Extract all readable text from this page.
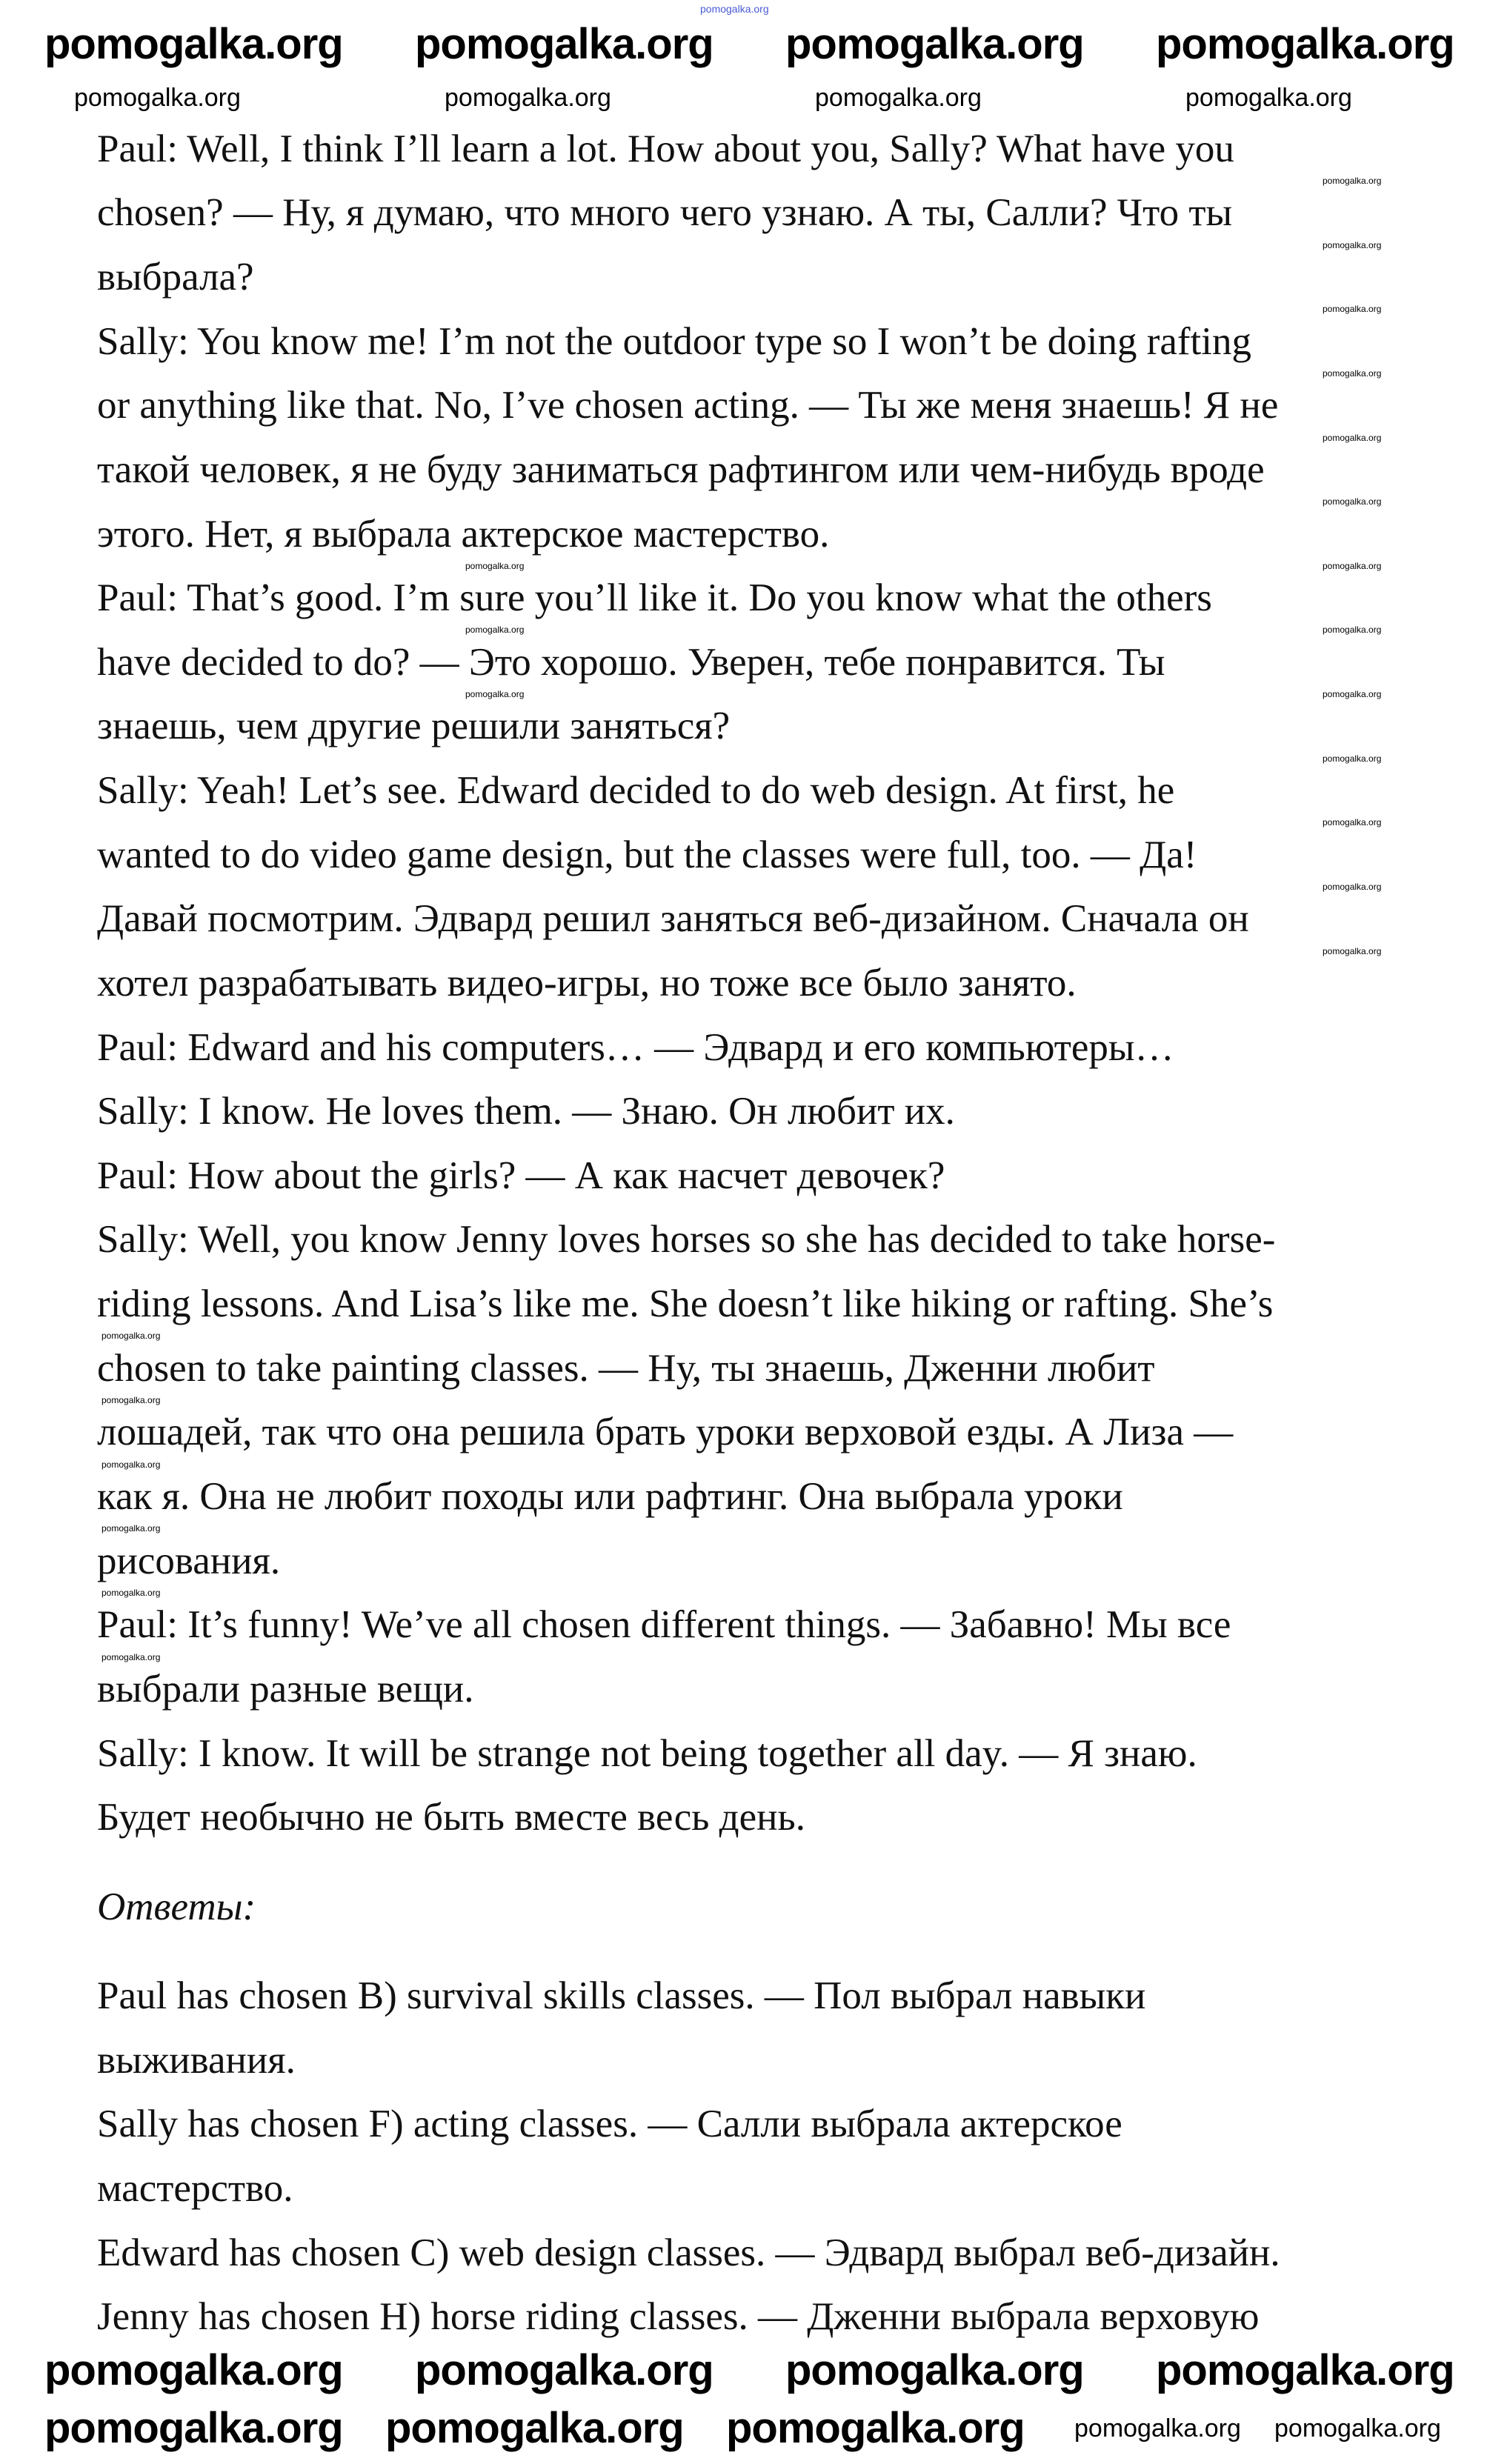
Paul: Well, I think I’ll learn a lot. How about you, Sally? What have you
chosen? — Ну, я думаю, что много чего узнаю. А ты, Салли? Что ты
выбрала?
Sally: You know me! I’m not the outdoor type so I won’t be doing rafting
or anything like that. No, I’ve chosen acting. — Ты же меня знаешь! Я не
такой человек, я не буду заниматься рафтингом или чем-нибудь вроде
этого. Нет, я выбрала актерское мастерство.
Paul: That’s good. I’m sure you’ll like it. Do you know what the others
have decided to do? — Это хорошо. Уверен, тебе понравится. Ты
знаешь, чем другие решили заняться?
Sally: Yeah! Let’s see. Edward decided to do web design. At first, he
wanted to do video game design, but the classes were full, too. — Да!
Давай посмотрим. Эдвард решил заняться веб-дизайном. Сначала он
хотел разрабатывать видео-игры, но тоже все было занято.
Paul: Edward and his computers… — Эдвард и его компьютеры…
Sally: I know. He loves them. — Знаю. Он любит их.
Paul: How about the girls? — А как насчет девочек?
Sally: Well, you know Jenny loves horses so she has decided to take horse-
riding lessons. And Lisa’s like me. She doesn’t like hiking or rafting. She’s
chosen to take painting classes. — Ну, ты знаешь, Дженни любит
лошадей, так что она решила брать уроки верховой езды. А Лиза —
как я. Она не любит походы или рафтинг. Она выбрала уроки
рисования.
Paul: It’s funny! We’ve all chosen different things. — Забавно! Мы все
выбрали разные вещи.
Sally: I know. It will be strange not being together all day. — Я знаю.
Будет необычно не быть вместе весь день.
Ответы:
Paul has chosen B) survival skills classes. — Пол выбрал навыки
выживания.
Sally has chosen F) acting classes. — Салли выбрала актерское
мастерство.
Edward has chosen C) web design classes. — Эдвард выбрал веб-дизайн.
Jenny has chosen H) horse riding classes. — Дженни выбрала верховую
pomogalka.org
pomogalka.org pomogalka.org pomogalka.org pomogalka.org
pomogalka.org	pomogalka.org	pomogalka.org	pomogalka.org
pomogalka.org pomogalka.org pomogalka.org pomogalka.org
pomogalka.org pomogalka.org pomogalka.org pomogalka.org pomogalka.org
pomogalka.org
pomogalka.org
pomogalka.org
pomogalka.org
pomogalka.org
pomogalka.org
pomogalka.org
pomogalka.org
pomogalka.org
pomogalka.org
pomogalka.org
pomogalka.org
pomogalka.org
pomogalka.org
pomogalka.org
pomogalka.org
pomogalka.org
pomogalka.org
pomogalka.org
pomogalka.org
pomogalka.org
pomogalka.org
